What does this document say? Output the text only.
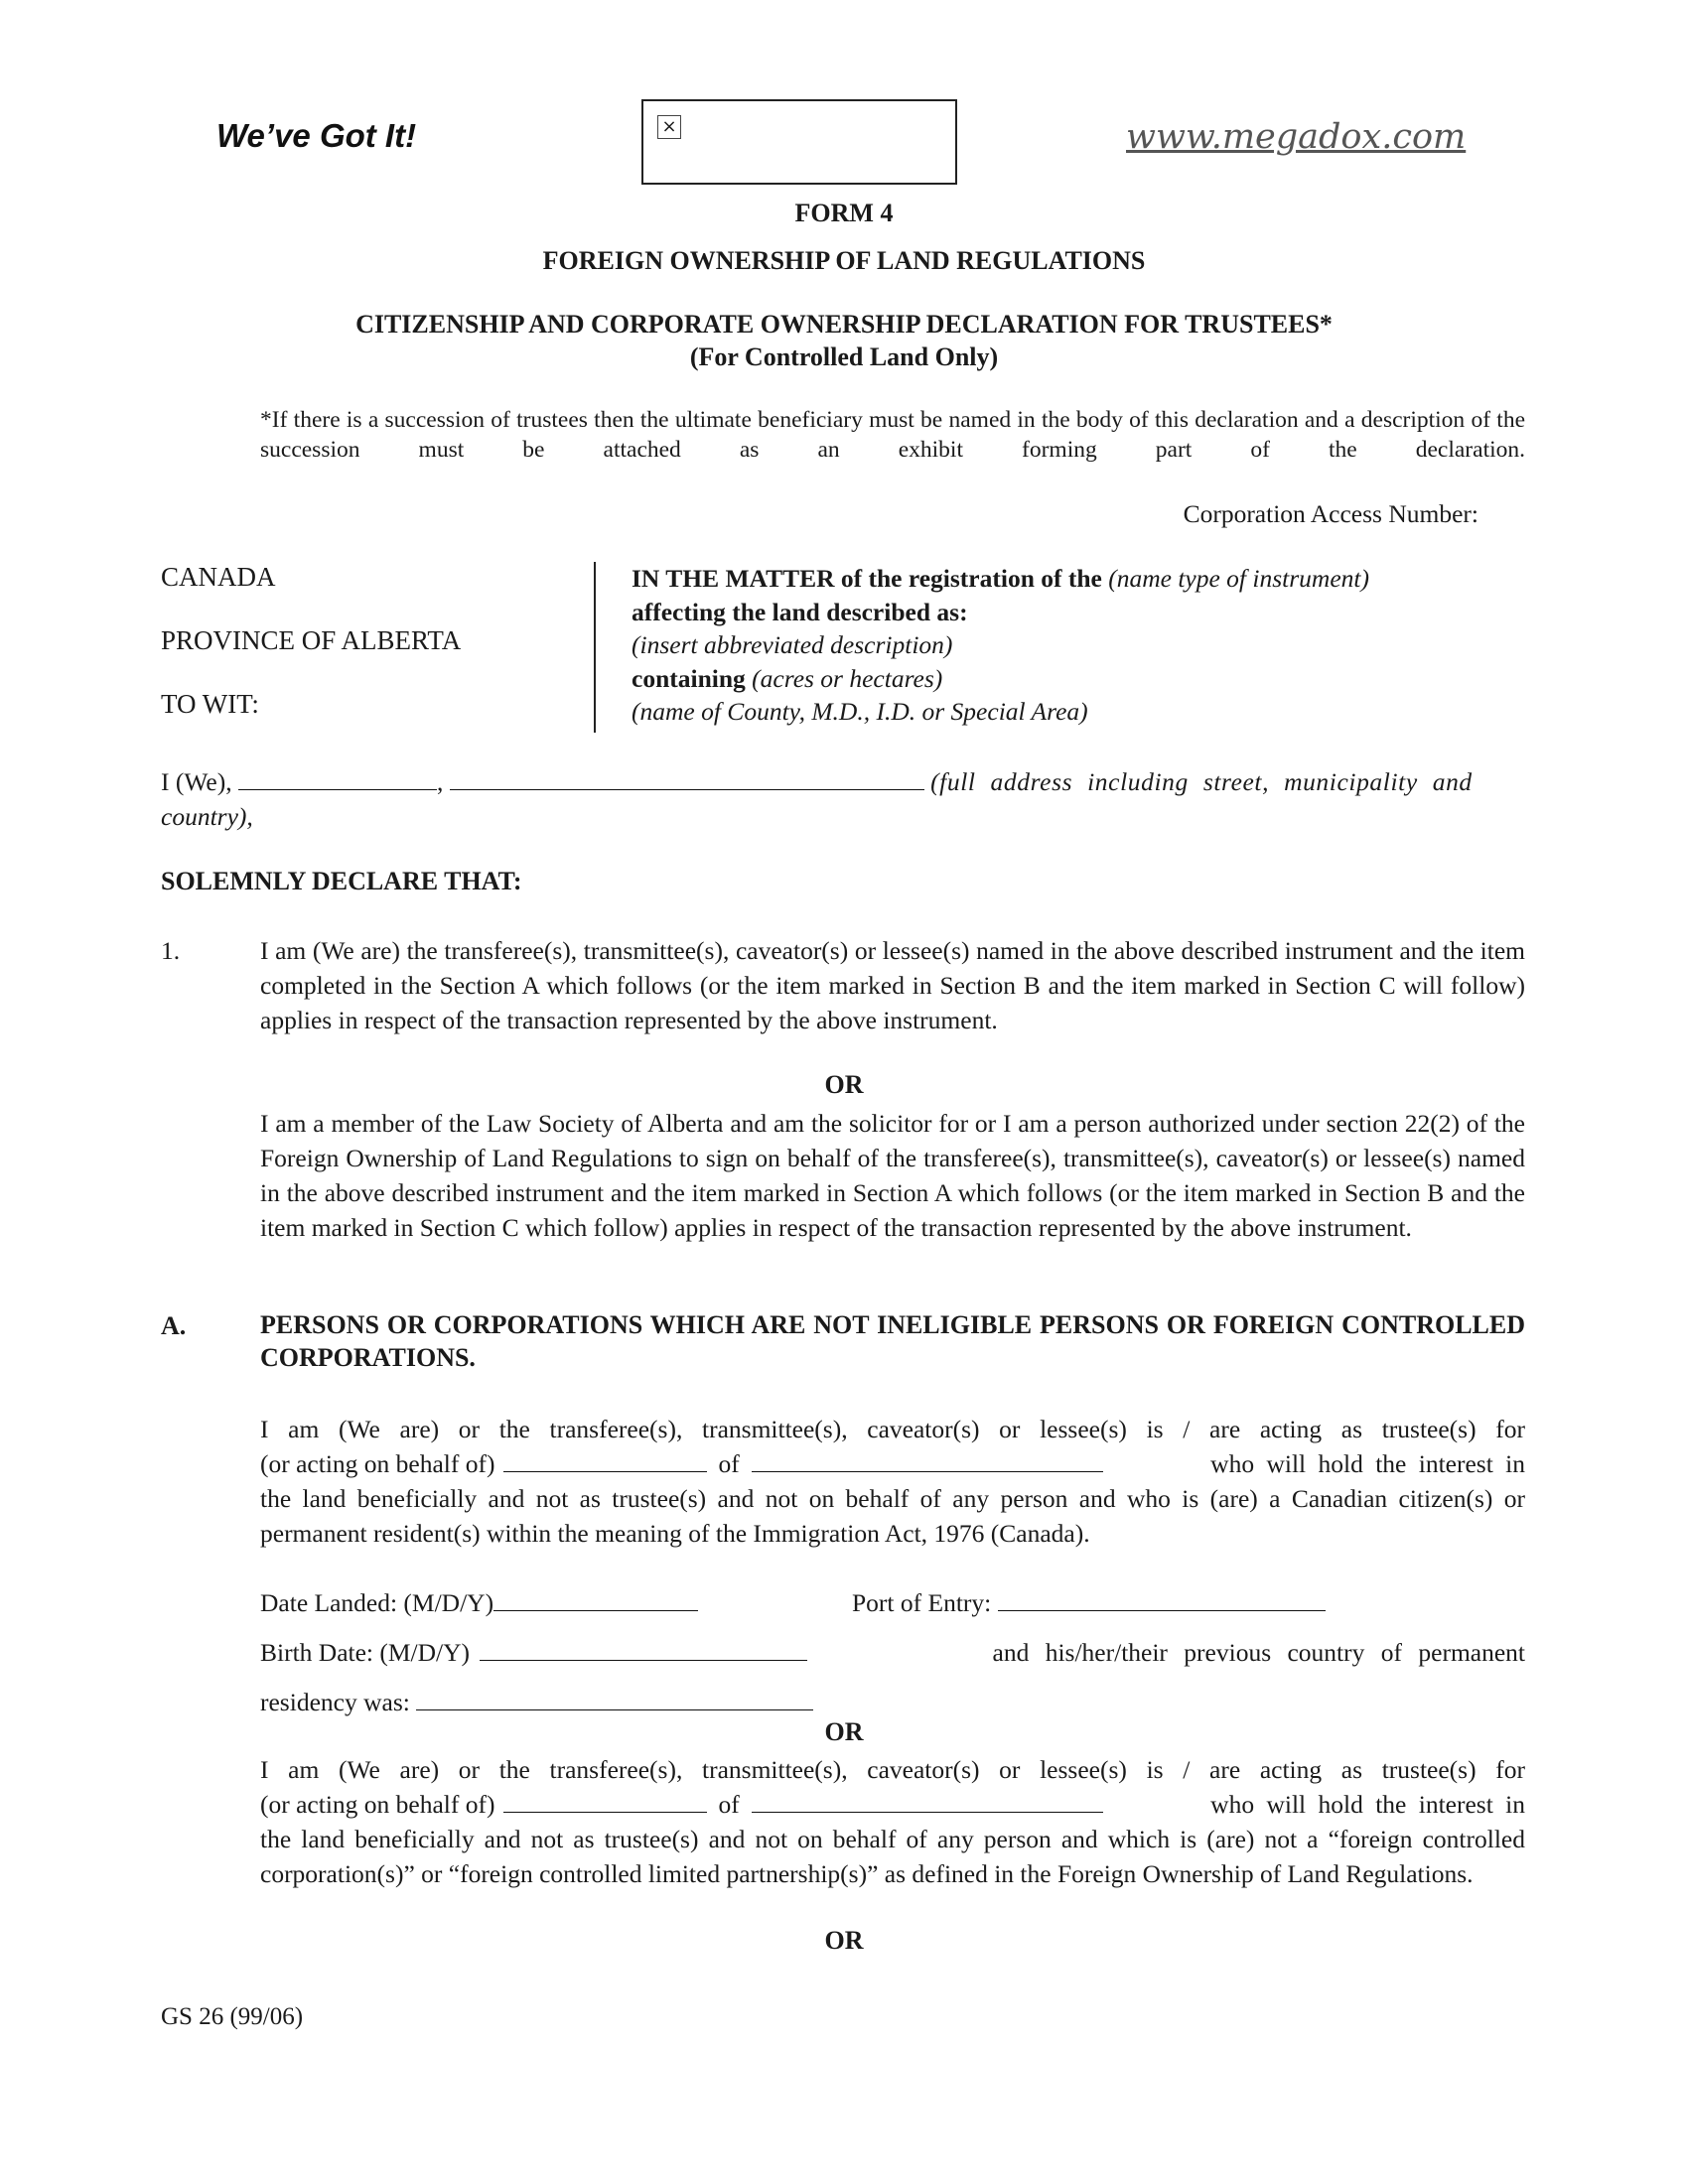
We’ve Got It!	×	www.megadox.com
FORM 4
FOREIGN OWNERSHIP OF LAND REGULATIONS
CITIZENSHIP AND CORPORATE OWNERSHIP DECLARATION FOR TRUSTEES*
(For Controlled Land Only)
*If there is a succession of trustees then the ultimate beneficiary must be named in the body of this declaration and a description of the succession must be attached as an exhibit forming part of the declaration.
Corporation Access Number:
CANADA
PROVINCE OF ALBERTA
TO WIT:
IN THE MATTER of the registration of the (name type of instrument)
affecting the land described as:
(insert abbreviated description)
containing (acres or hectares)
(name of County, M.D., I.D. or Special Area)
I (We),	,	(full address including street, municipality and
country),
SOLEMNLY DECLARE THAT:
1.	I am (We are) the transferee(s), transmittee(s), caveator(s) or lessee(s) named in the above described instrument and the item completed in the Section A which follows (or the item marked in Section B and the item marked in Section C will follow) applies in respect of the transaction represented by the above instrument.
OR
I am a member of the Law Society of Alberta and am the solicitor for or I am a person authorized under section 22(2) of the Foreign Ownership of Land Regulations to sign on behalf of the transferee(s), transmittee(s), caveator(s) or lessee(s) named in the above described instrument and the item marked in Section A which follows (or the item marked in Section B and the item marked in Section C which follow) applies in respect of the transaction represented by the above instrument.
A.	PERSONS OR CORPORATIONS WHICH ARE NOT INELIGIBLE PERSONS OR FOREIGN CONTROLLED CORPORATIONS.
I am (We are) or the transferee(s), transmittee(s), caveator(s) or lessee(s) is / are acting as trustee(s) for
(or acting on behalf of)	of	who will hold the interest in
the land beneficially and not as trustee(s) and not on behalf of any person and who is (are) a Canadian citizen(s) or permanent resident(s) within the meaning of the Immigration Act, 1976 (Canada).
Date Landed: (M/D/Y)	Port of Entry:
Birth Date: (M/D/Y)	and his/her/their previous country of permanent
residency was:
OR
I am (We are) or the transferee(s), transmittee(s), caveator(s) or lessee(s) is / are acting as trustee(s) for
(or acting on behalf of)	of	who will hold the interest in
the land beneficially and not as trustee(s) and not on behalf of any person and which is (are) not a “foreign controlled corporation(s)” or “foreign controlled limited partnership(s)” as defined in the Foreign Ownership of Land Regulations.
OR
GS 26 (99/06)
